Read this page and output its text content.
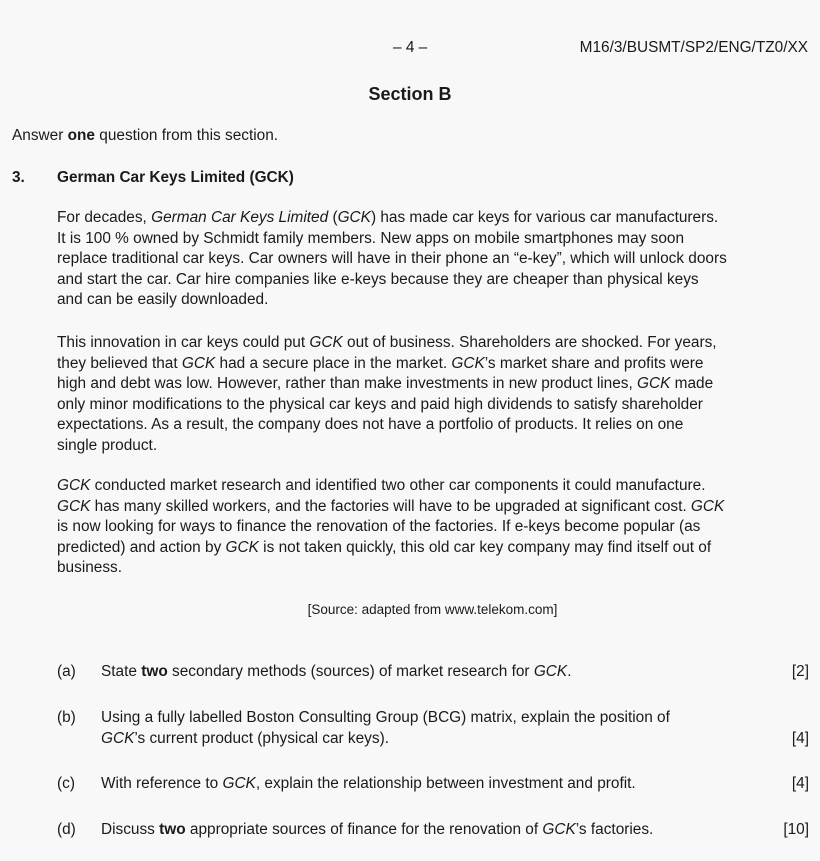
– 4 –	M16/3/BUSMT/SP2/ENG/TZ0/XX
Section B
Answer one question from this section.
3. German Car Keys Limited (GCK)
For decades, German Car Keys Limited (GCK) has made car keys for various car manufacturers.
It is 100 % owned by Schmidt family members. New apps on mobile smartphones may soon
replace traditional car keys. Car owners will have in their phone an “e-key”, which will unlock doors
and start the car. Car hire companies like e-keys because they are cheaper than physical keys
and can be easily downloaded.
This innovation in car keys could put GCK out of business. Shareholders are shocked. For years,
they believed that GCK had a secure place in the market. GCK’s market share and profits were
high and debt was low. However, rather than make investments in new product lines, GCK made
only minor modifications to the physical car keys and paid high dividends to satisfy shareholder
expectations. As a result, the company does not have a portfolio of products. It relies on one
single product.
GCK conducted market research and identified two other car components it could manufacture.
GCK has many skilled workers, and the factories will have to be upgraded at significant cost. GCK
is now looking for ways to finance the renovation of the factories. If e-keys become popular (as
predicted) and action by GCK is not taken quickly, this old car key company may find itself out of
business.
[Source: adapted from www.telekom.com]
(a) State two secondary methods (sources) of market research for GCK.	[2]
(b) Using a fully labelled Boston Consulting Group (BCG) matrix, explain the position of
GCK’s current product (physical car keys).	[4]
(c) With reference to GCK, explain the relationship between investment and profit.	[4]
(d) Discuss two appropriate sources of finance for the renovation of GCK’s factories.	[10]
